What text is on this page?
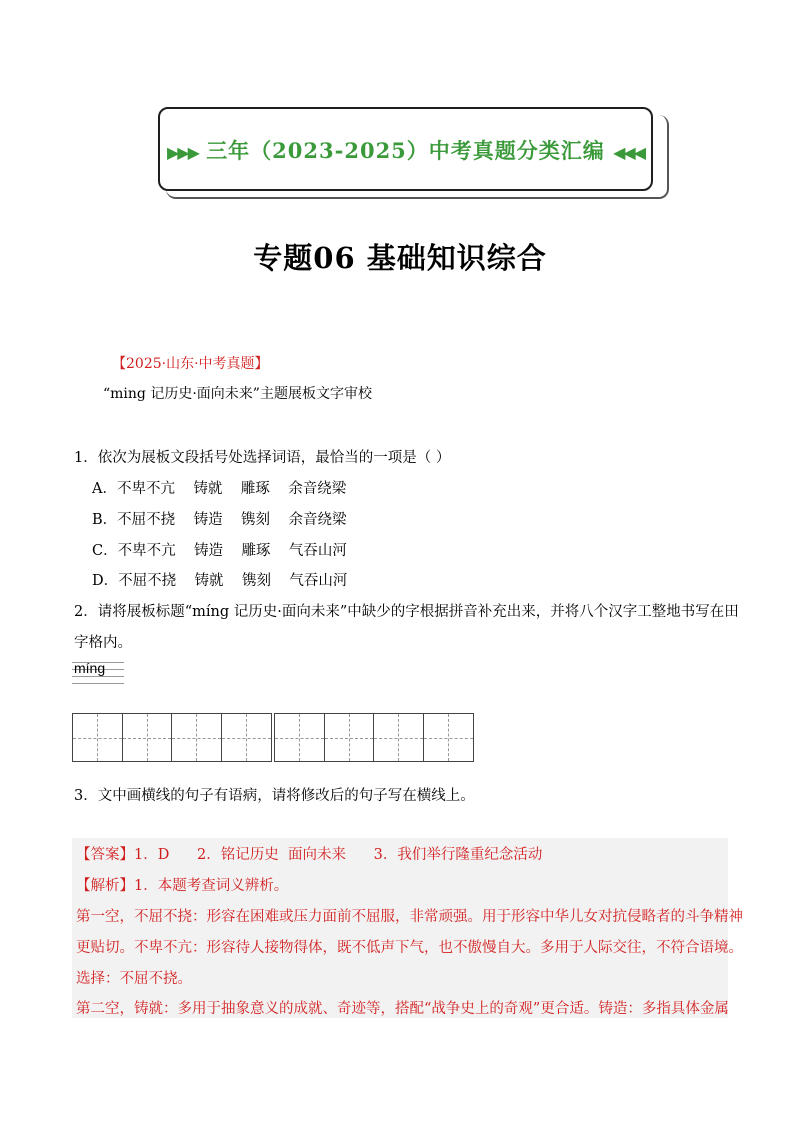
▶▶▶ 三年（2023-2025）中考真题分类汇编 ◀◀◀
专题06 基础知识综合
【2025·山东·中考真题】
“ming 记历史·面向未来”主题展板文字审校
1．依次为展板文段括号处选择词语，最恰当的一项是（ ）
A．不卑不亢    铸就    雕琢    余音绕梁
B．不屈不挠    铸造    镌刻    余音绕梁
C．不卑不亢    铸造    雕琢    气吞山河
D．不屈不挠    铸就    镌刻    气吞山河
2．请将展板标题“míng 记历史·面向未来”中缺少的字根据拼音补充出来，并将八个汉字工整地书写在田
字格内。
míng
3．文中画横线的句子有语病，请将修改后的句子写在横线上。
【答案】1．D      2．铭记历史  面向未来      3．我们举行隆重纪念活动
【解析】1．本题考查词义辨析。
第一空，不屈不挠：形容在困难或压力面前不屈服，非常顽强。用于形容中华儿女对抗侵略者的斗争精神
更贴切。不卑不亢：形容待人接物得体，既不低声下气，也不傲慢自大。多用于人际交往，不符合语境。
选择：不屈不挠。
第二空，铸就：多用于抽象意义的成就、奇迹等，搭配“战争史上的奇观”更合适。铸造：多指具体金属
